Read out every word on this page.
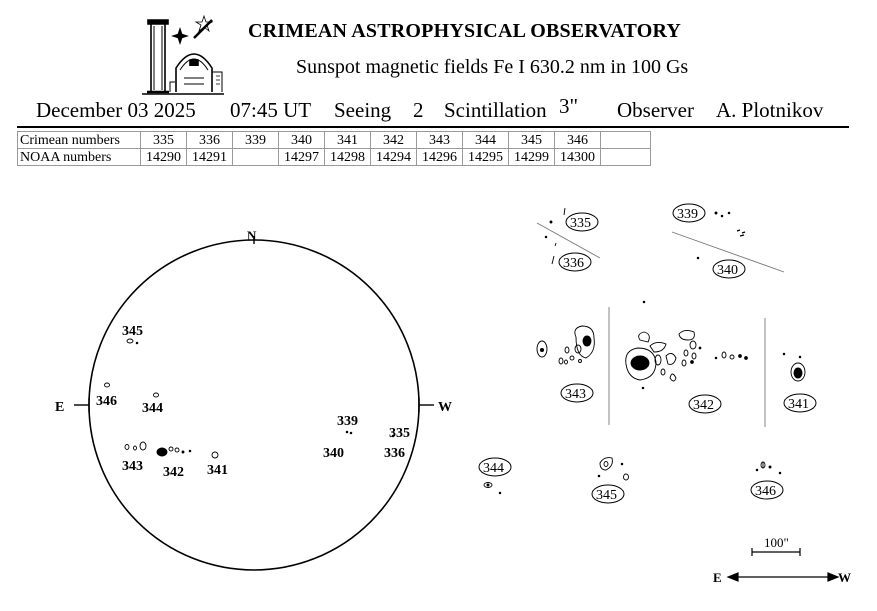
CRIMEAN ASTROPHYSICAL OBSERVATORY
Sunspot magnetic fields Fe I 630.2 nm in 100 Gs
December 03 2025 07:45 UT Seeing 2 Scintillation 3" Observer A. Plotnikov
Crimean numbers	335	336	339	340	341	342	343	344	345	346	
NOAA numbers	14290	14291		14297	14298	14294	14296	14295	14299	14300	
N
E	W
345
346 344
343 342 341
339
340
335
336
335
336
339
340
343
342	341
344
345	346
100"
E	W
